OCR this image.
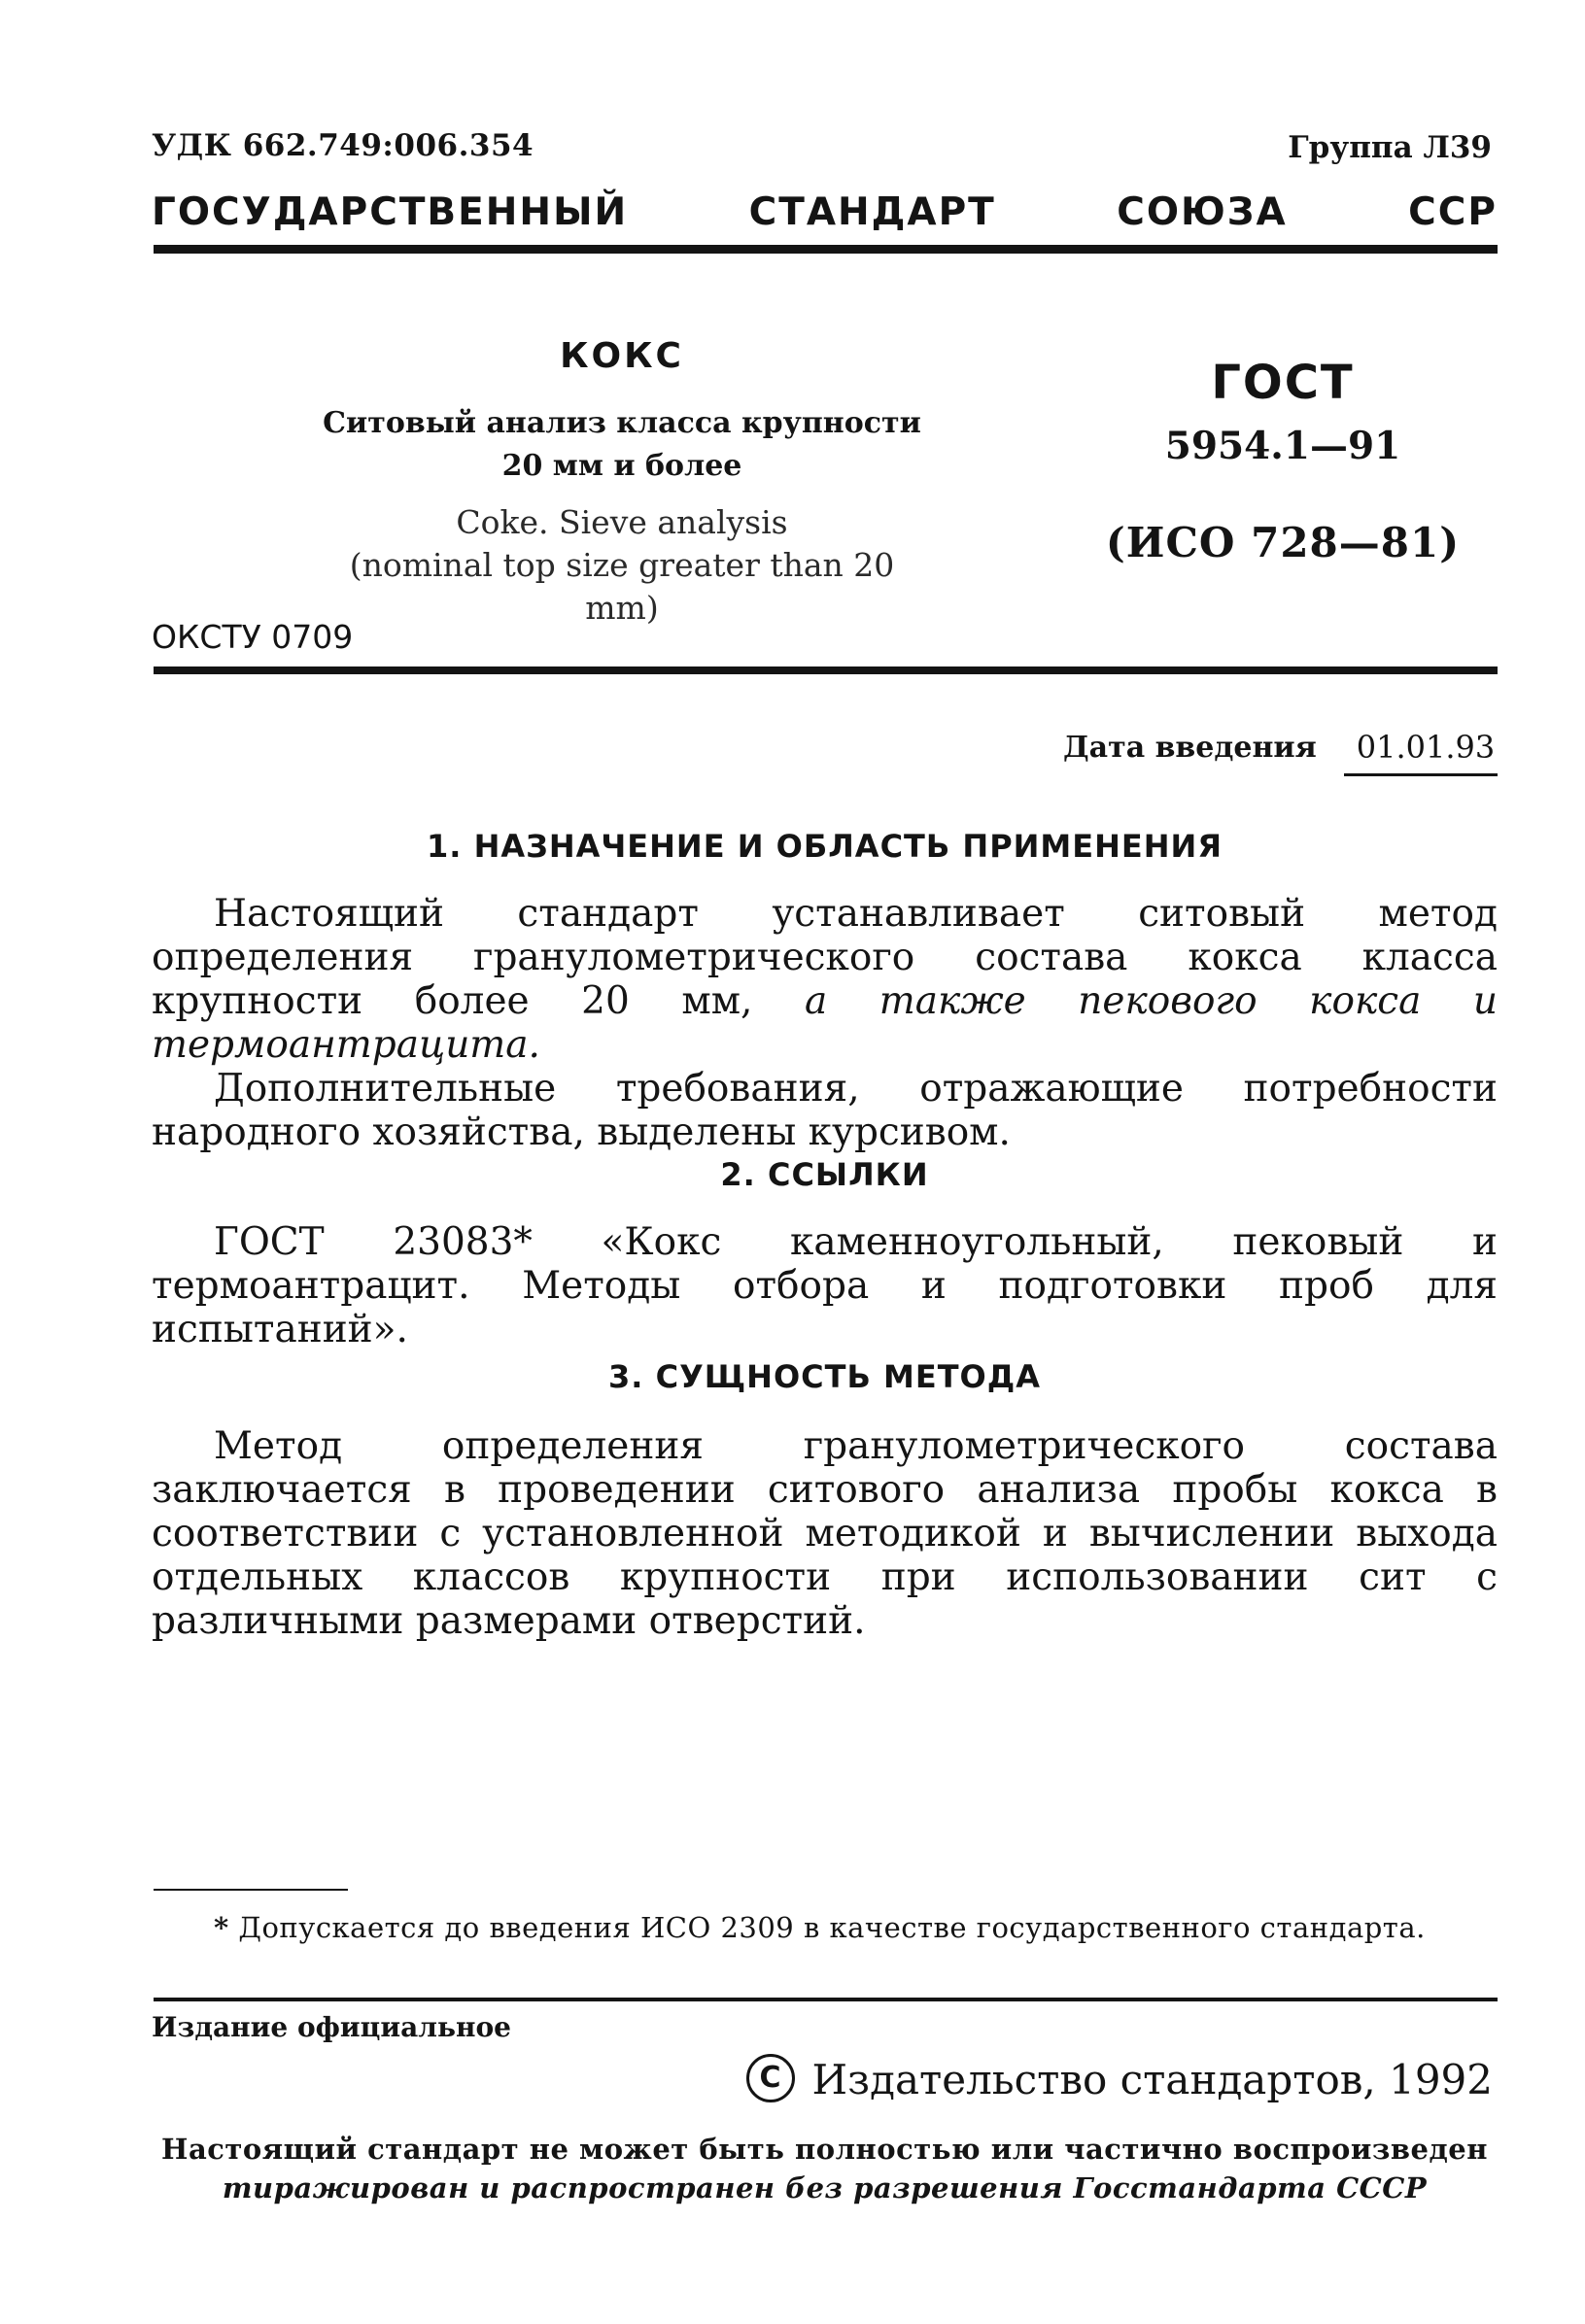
УДК 662.749:006.354	Группа Л39
ГОСУДАРСТВЕННЫЙ СТАНДАРТ СОЮЗА ССР
КОКС
Ситовый анализ класса крупности
20 мм и более
Coke. Sieve analysis
(nominal top size greater than 20 mm)
ГОСТ
5954.1—91
(ИСО 728—81)
ОКСТУ 0709
Дата введения 01.01.93
1. НАЗНАЧЕНИЕ И ОБЛАСТЬ ПРИМЕНЕНИЯ

Настоящий стандарт устанавливает ситовый метод определения гранулометрического состава кокса класса крупности более 20 мм, а также пекового кокса и термоантрацита.

Дополнительные требования, отражающие потребности народного хозяйства, выделены курсивом.

2. ССЫЛКИ

ГОСТ 23083* «Кокс каменноугольный, пековый и термоантрацит. Методы отбора и подготовки проб для испытаний».

3. СУЩНОСТЬ МЕТОДА

Метод определения гранулометрического состава заключается в проведении ситового анализа пробы кокса в соответствии с установленной методикой и вычислении выхода отдельных классов крупности при использовании сит с различными размерами отверстий.

* Допускается до введения ИСО 2309 в качестве государственного стандарта.
Издание официальное
C Издательство стандартов, 1992
Настоящий стандарт не может быть полностью или частично воспроизведен
тиражирован и распространен без разрешения Госстандарта СССР
